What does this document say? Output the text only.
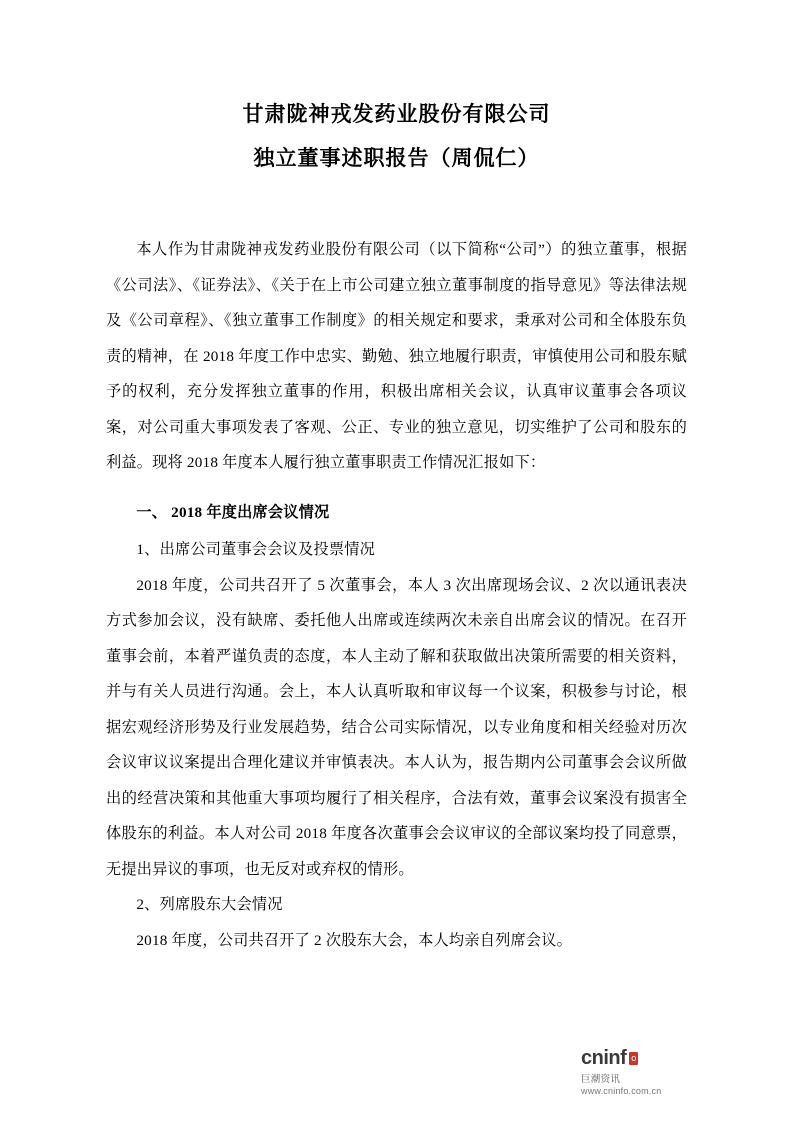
甘肃陇神戎发药业股份有限公司
独立董事述职报告（周侃仁）

本人作为甘肃陇神戎发药业股份有限公司（以下简称“公司”）的独立董事，根据《公司法》、《证券法》、《关于在上市公司建立独立董事制度的指导意见》等法律法规及《公司章程》、《独立董事工作制度》的相关规定和要求，秉承对公司和全体股东负责的精神，在 2018 年度工作中忠实、勤勉、独立地履行职责，审慎使用公司和股东赋予的权利，充分发挥独立董事的作用，积极出席相关会议，认真审议董事会各项议案，对公司重大事项发表了客观、公正、专业的独立意见，切实维护了公司和股东的利益。现将 2018 年度本人履行独立董事职责工作情况汇报如下：

一、 2018 年度出席会议情况

1、出席公司董事会会议及投票情况

2018 年度，公司共召开了 5 次董事会，本人 3 次出席现场会议、2 次以通讯表决方式参加会议，没有缺席、委托他人出席或连续两次未亲自出席会议的情况。在召开董事会前，本着严谨负责的态度，本人主动了解和获取做出决策所需要的相关资料，并与有关人员进行沟通。会上，本人认真听取和审议每一个议案，积极参与讨论，根据宏观经济形势及行业发展趋势，结合公司实际情况，以专业角度和相关经验对历次会议审议议案提出合理化建议并审慎表决。本人认为，报告期内公司董事会会议所做出的经营决策和其他重大事项均履行了相关程序，合法有效，董事会议案没有损害全体股东的利益。本人对公司 2018 年度各次董事会会议审议的全部议案均投了同意票，无提出异议的事项，也无反对或弃权的情形。

2、列席股东大会情况

2018 年度，公司共召开了 2 次股东大会，本人均亲自列席会议。

cninf o
巨潮资讯
www.cninfo.com.cn
